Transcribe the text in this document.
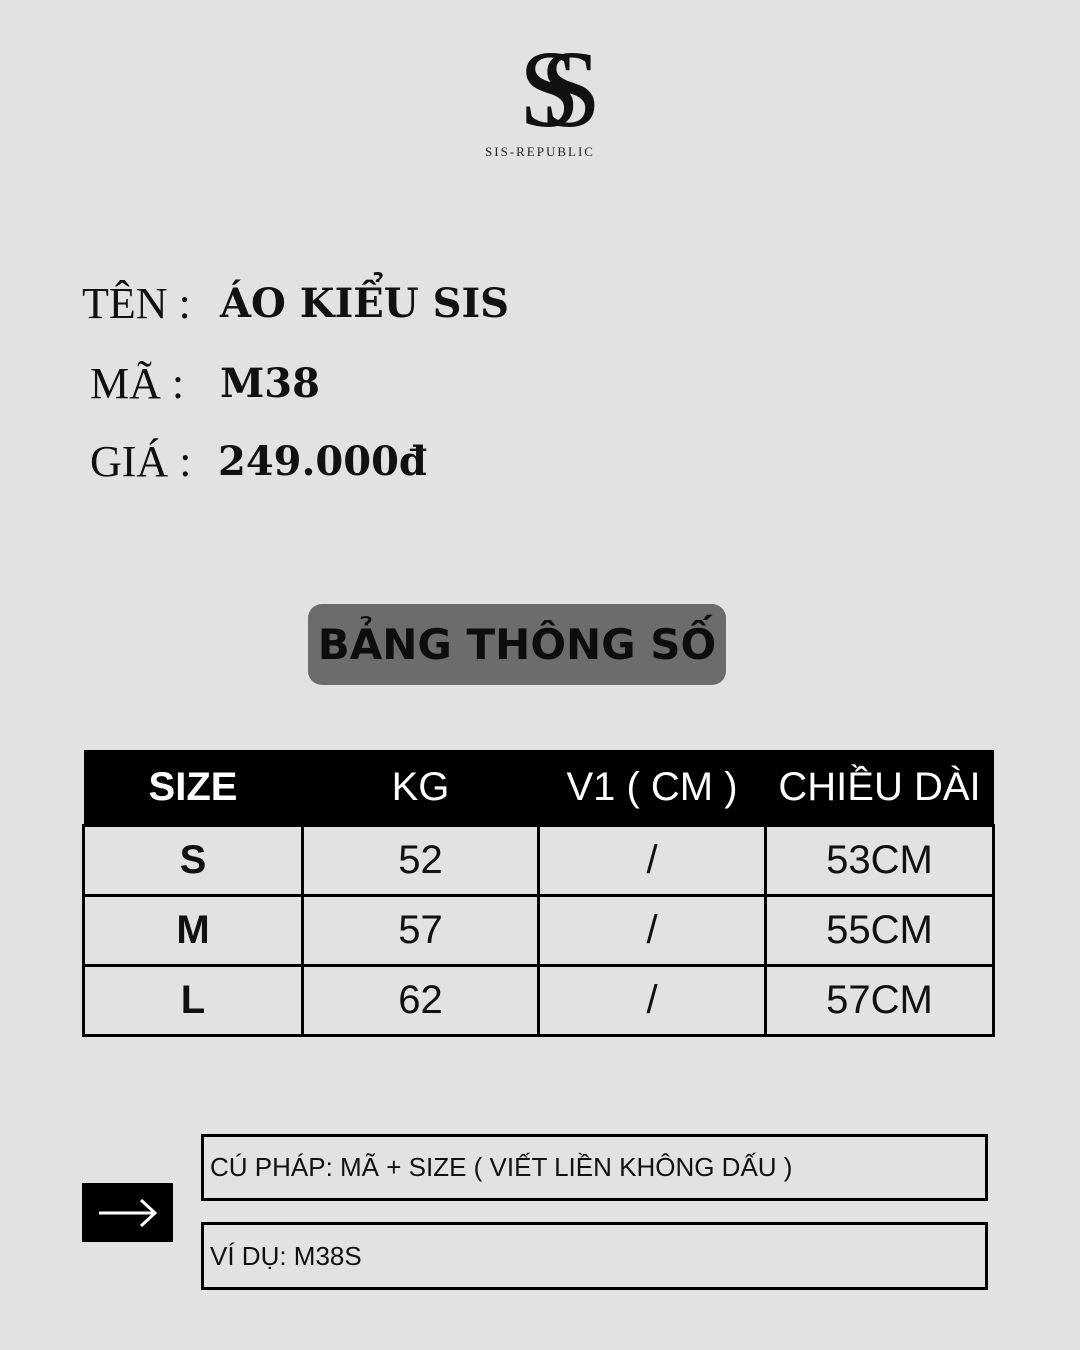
SS
SIS-REPUBLIC
TÊN : ÁO KIỂU SIS
MÃ : M38
GIÁ : 249.000đ
BẢNG THÔNG SỐ
SIZE	KG	V1 ( CM )	CHIỀU DÀI
S	52	/	53CM
M	57	/	55CM
L	62	/	57CM
CÚ PHÁP: MÃ + SIZE ( VIẾT LIỀN KHÔNG DẤU )
VÍ DỤ: M38S
